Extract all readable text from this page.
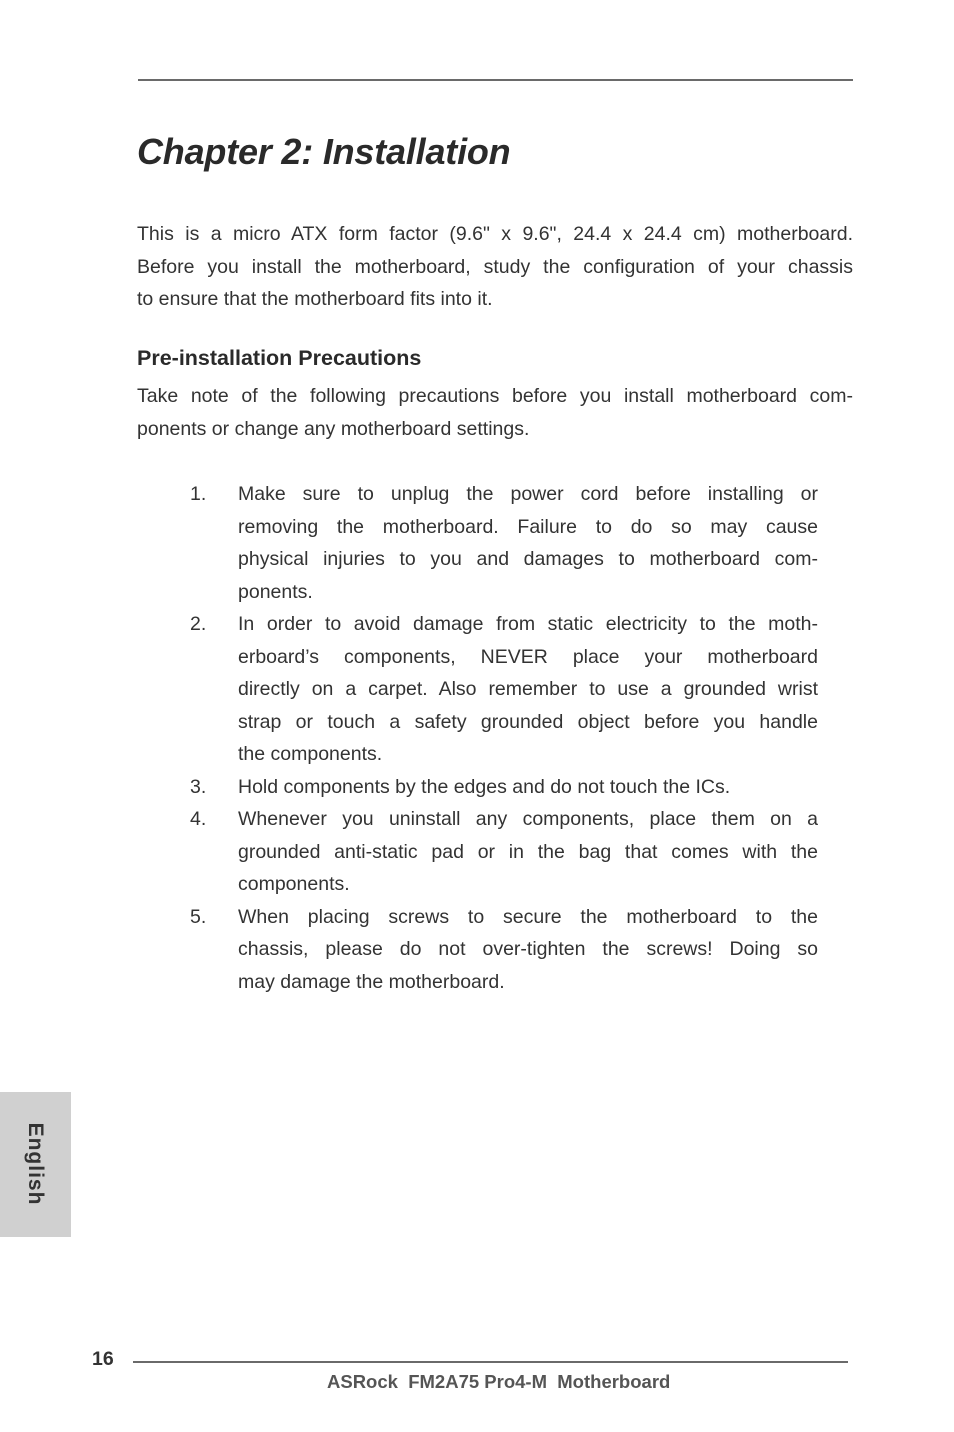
Chapter 2: Installation
This is a micro ATX form factor (9.6" x 9.6", 24.4 x 24.4 cm) motherboard.
Before you install the motherboard, study the configuration of your chassis
to ensure that the motherboard fits into it.
Pre-installation Precautions
Take note of the following precautions before you install motherboard com-
ponents or change any motherboard settings.
1. Make sure to unplug the power cord before installing or
removing the motherboard. Failure to do so may cause
physical injuries to you and damages to motherboard com-
ponents.
2. In order to avoid damage from static electricity to the moth-
erboard’s components, NEVER place your motherboard
directly on a carpet. Also remember to use a grounded wrist
strap or touch a safety grounded object before you handle
the components.
3. Hold components by the edges and do not touch the ICs.
4. Whenever you uninstall any components, place them on a
grounded anti-static pad or in the bag that comes with the
components.
5. When placing screws to secure the motherboard to the
chassis, please do not over-tighten the screws! Doing so
may damage the motherboard.
English
16
ASRock  FM2A75 Pro4-M  Motherboard
